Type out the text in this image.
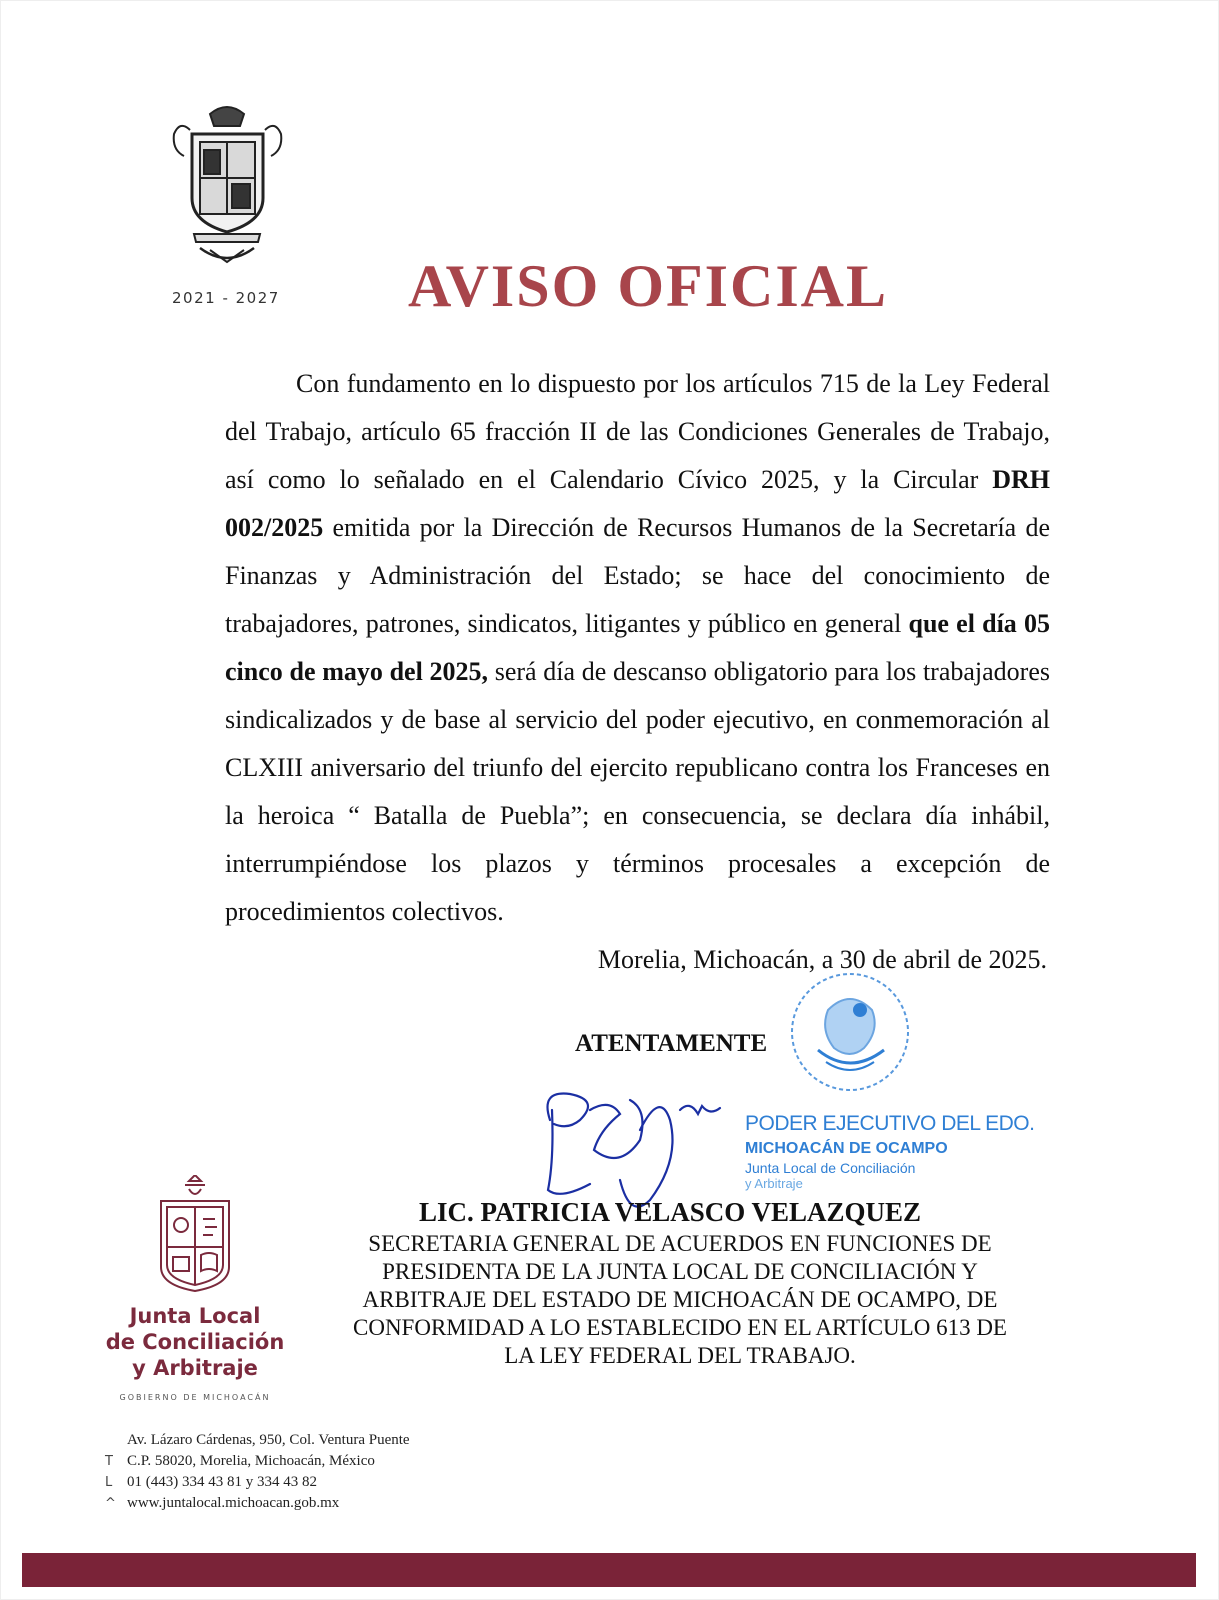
2021 - 2027 AVISO OFICIAL

Con fundamento en lo dispuesto por los artículos 715 de la Ley Federal del Trabajo, artículo 65 fracción II de las Condiciones Generales de Trabajo, así como lo señalado en el Calendario Cívico 2025, y la Circular DRH 002/2025 emitida por la Dirección de Recursos Humanos de la Secretaría de Finanzas y Administración del Estado; se hace del conocimiento de trabajadores, patrones, sindicatos, litigantes y público en general que el día 05 cinco de mayo del 2025, será día de descanso obligatorio para los trabajadores sindicalizados y de base al servicio del poder ejecutivo, en conmemoración al CLXIII aniversario del triunfo del ejercito republicano contra los Franceses en la heroica “ Batalla de Puebla”; en consecuencia, se declara día inhábil, interrumpiéndose los plazos y términos procesales a excepción de procedimientos colectivos.

Morelia, Michoacán, a 30 de abril de 2025.
ATENTAMENTE
PODER EJECUTIVO DEL EDO.
MICHOACÁN DE OCAMPO
Junta Local de Conciliación
y Arbitraje
LIC. PATRICIA VELASCO VELAZQUEZ
SECRETARIA GENERAL DE ACUERDOS EN FUNCIONES DE
PRESIDENTA DE LA JUNTA LOCAL DE CONCILIACIÓN Y
ARBITRAJE DEL ESTADO DE MICHOACÁN DE OCAMPO, DE
CONFORMIDAD A LO ESTABLECIDO EN EL ARTÍCULO 613 DE
LA LEY FEDERAL DEL TRABAJO.
Junta Local
de Conciliación
y Arbitraje
GOBIERNO DE MICHOACÁN
Av. Lázaro Cárdenas, 950, Col. Ventura Puente
T C.P. 58020, Morelia, Michoacán, México
L 01 (443) 334 43 81 y 334 43 82
^ www.juntalocal.michoacan.gob.mx
